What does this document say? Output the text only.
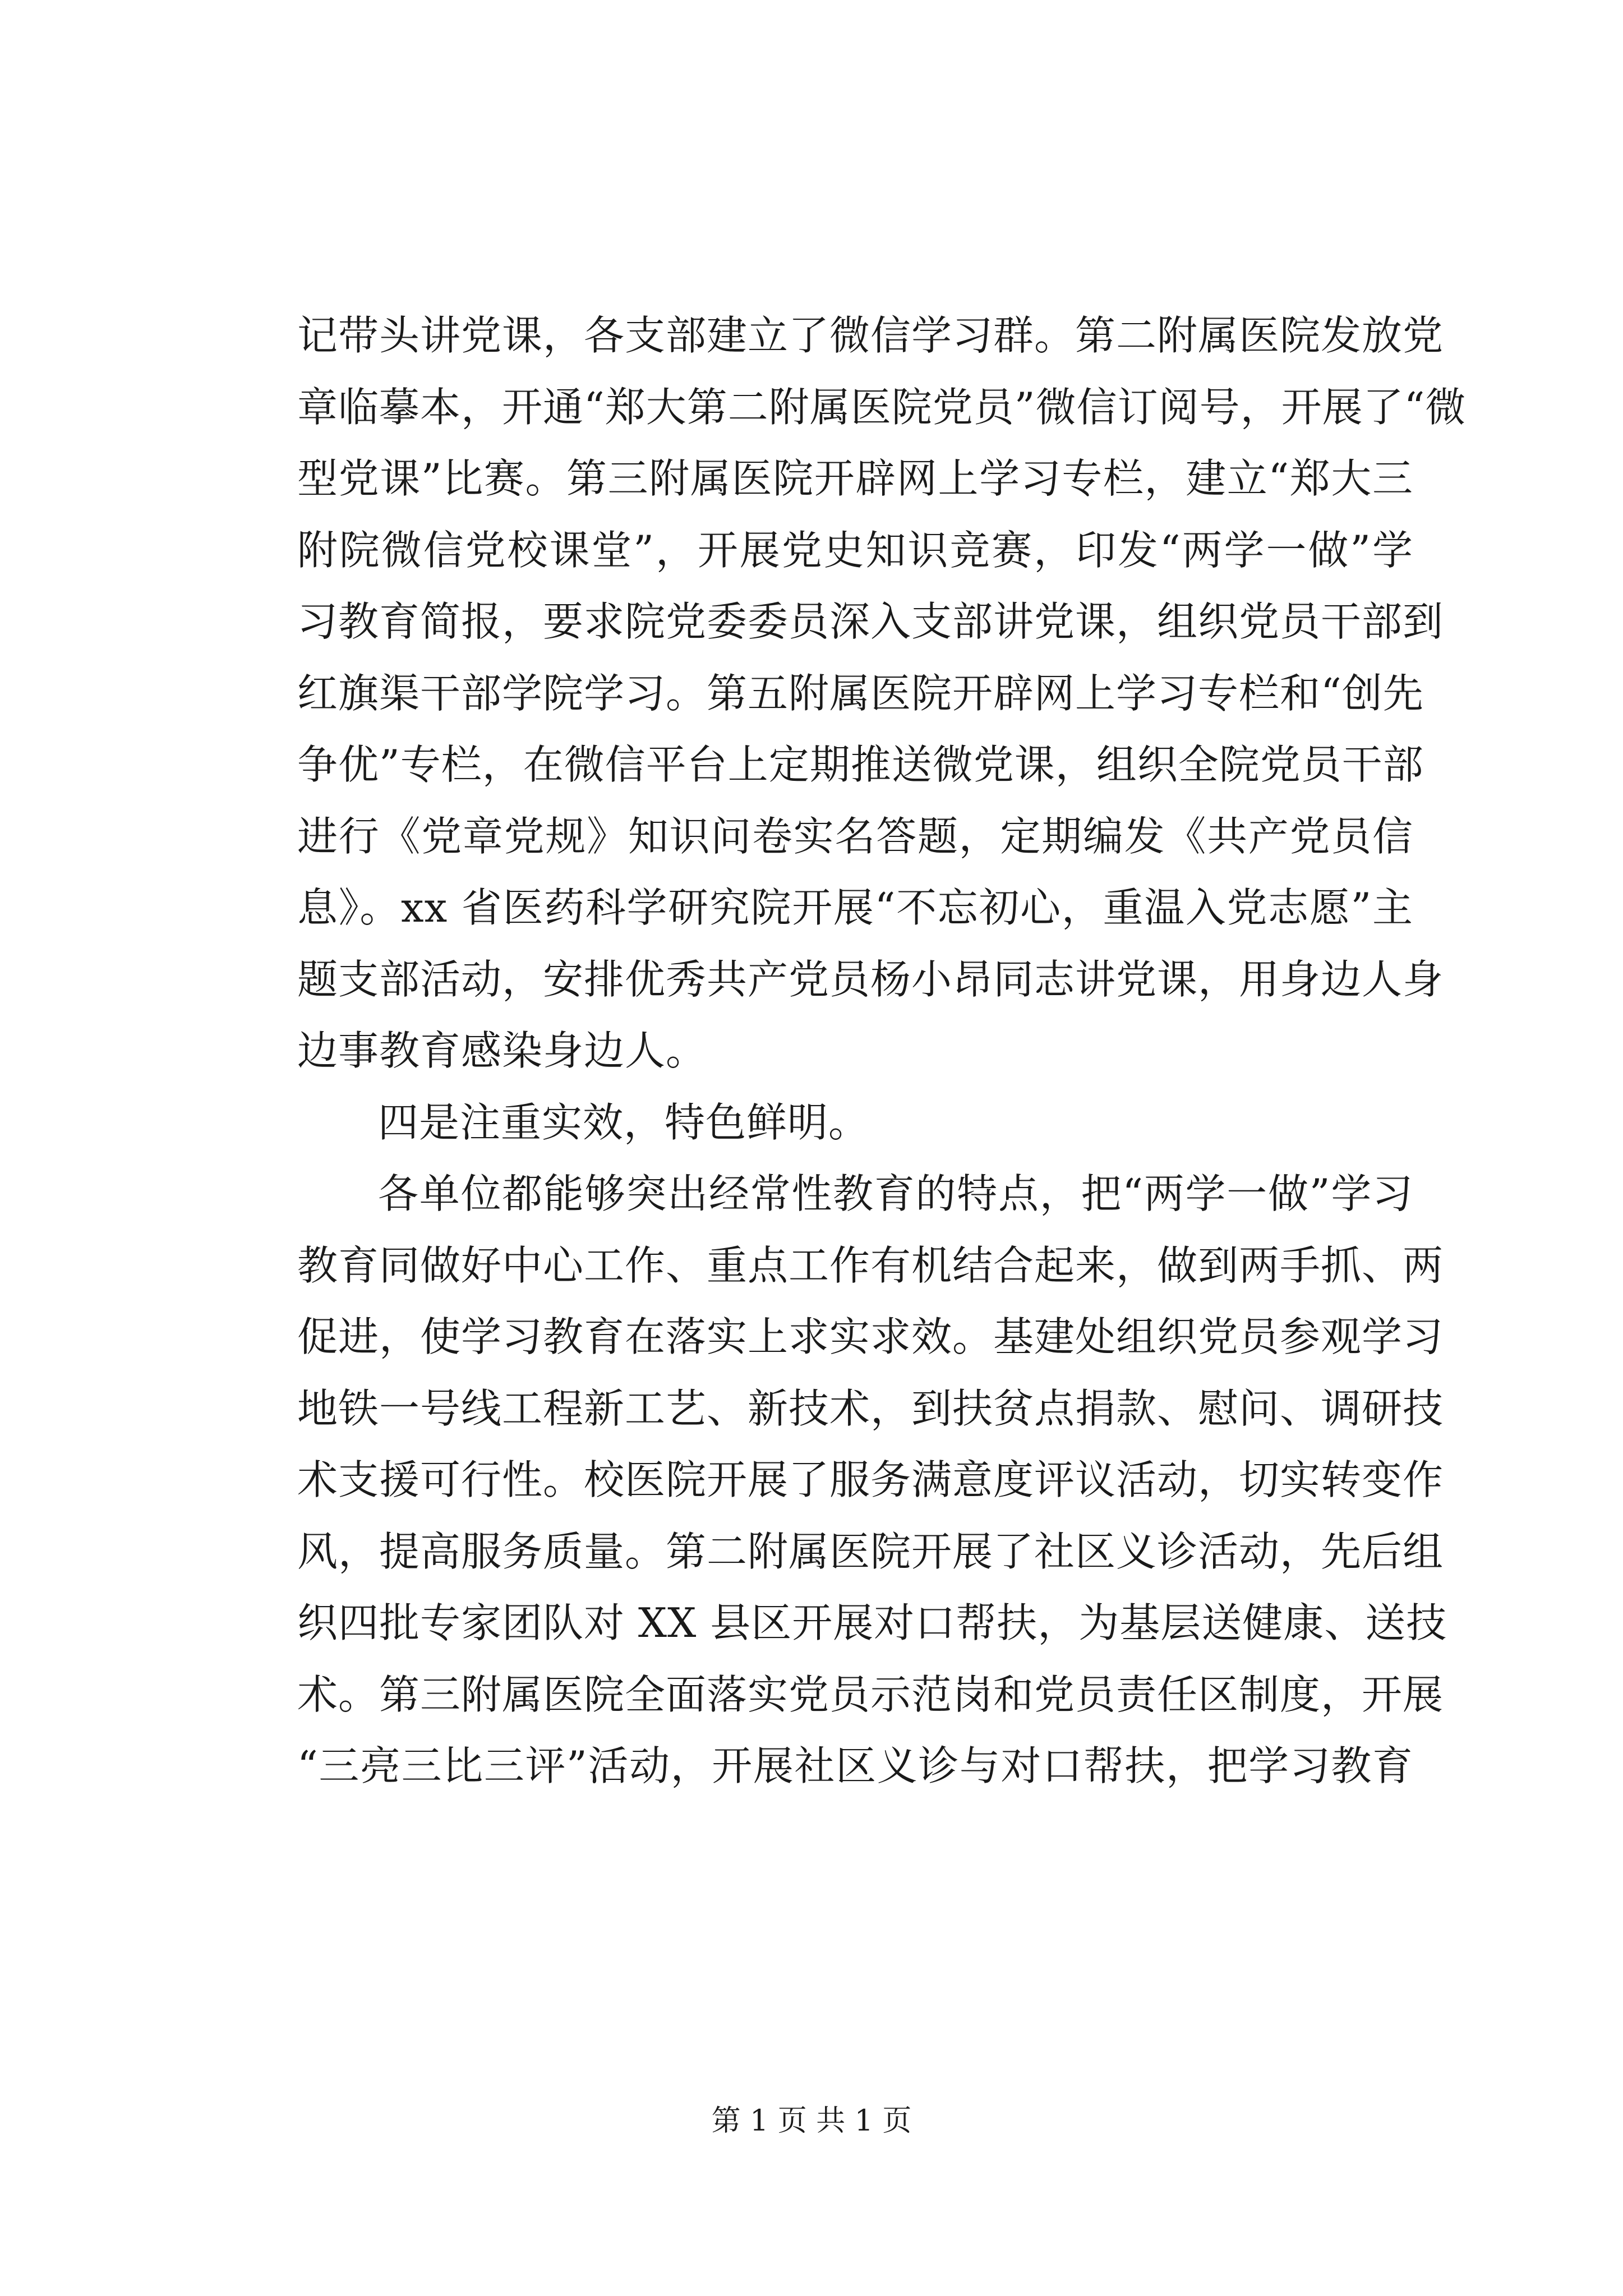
记带头讲党课，各支部建立了微信学习群。第二附属医院发放党
章临摹本，开通“郑大第二附属医院党员”微信订阅号，开展了“微
型党课”比赛。第三附属医院开辟网上学习专栏，建立“郑大三
附院微信党校课堂”，开展党史知识竞赛，印发“两学一做”学
习教育简报，要求院党委委员深入支部讲党课，组织党员干部到
红旗渠干部学院学习。第五附属医院开辟网上学习专栏和“创先
争优”专栏，在微信平台上定期推送微党课，组织全院党员干部
进行《党章党规》知识问卷实名答题，定期编发《共产党员信
息》。xx 省医药科学研究院开展“不忘初心，重温入党志愿”主
题支部活动，安排优秀共产党员杨小昂同志讲党课，用身边人身
边事教育感染身边人。
四是注重实效，特色鲜明。
各单位都能够突出经常性教育的特点，把“两学一做”学习
教育同做好中心工作、重点工作有机结合起来，做到两手抓、两
促进，使学习教育在落实上求实求效。基建处组织党员参观学习
地铁一号线工程新工艺、新技术，到扶贫点捐款、慰问、调研技
术支援可行性。校医院开展了服务满意度评议活动，切实转变作
风，提高服务质量。第二附属医院开展了社区义诊活动，先后组
织四批专家团队对 XX 县区开展对口帮扶，为基层送健康、送技
术。第三附属医院全面落实党员示范岗和党员责任区制度，开展
“三亮三比三评”活动，开展社区义诊与对口帮扶，把学习教育
第 1 页 共 1 页
